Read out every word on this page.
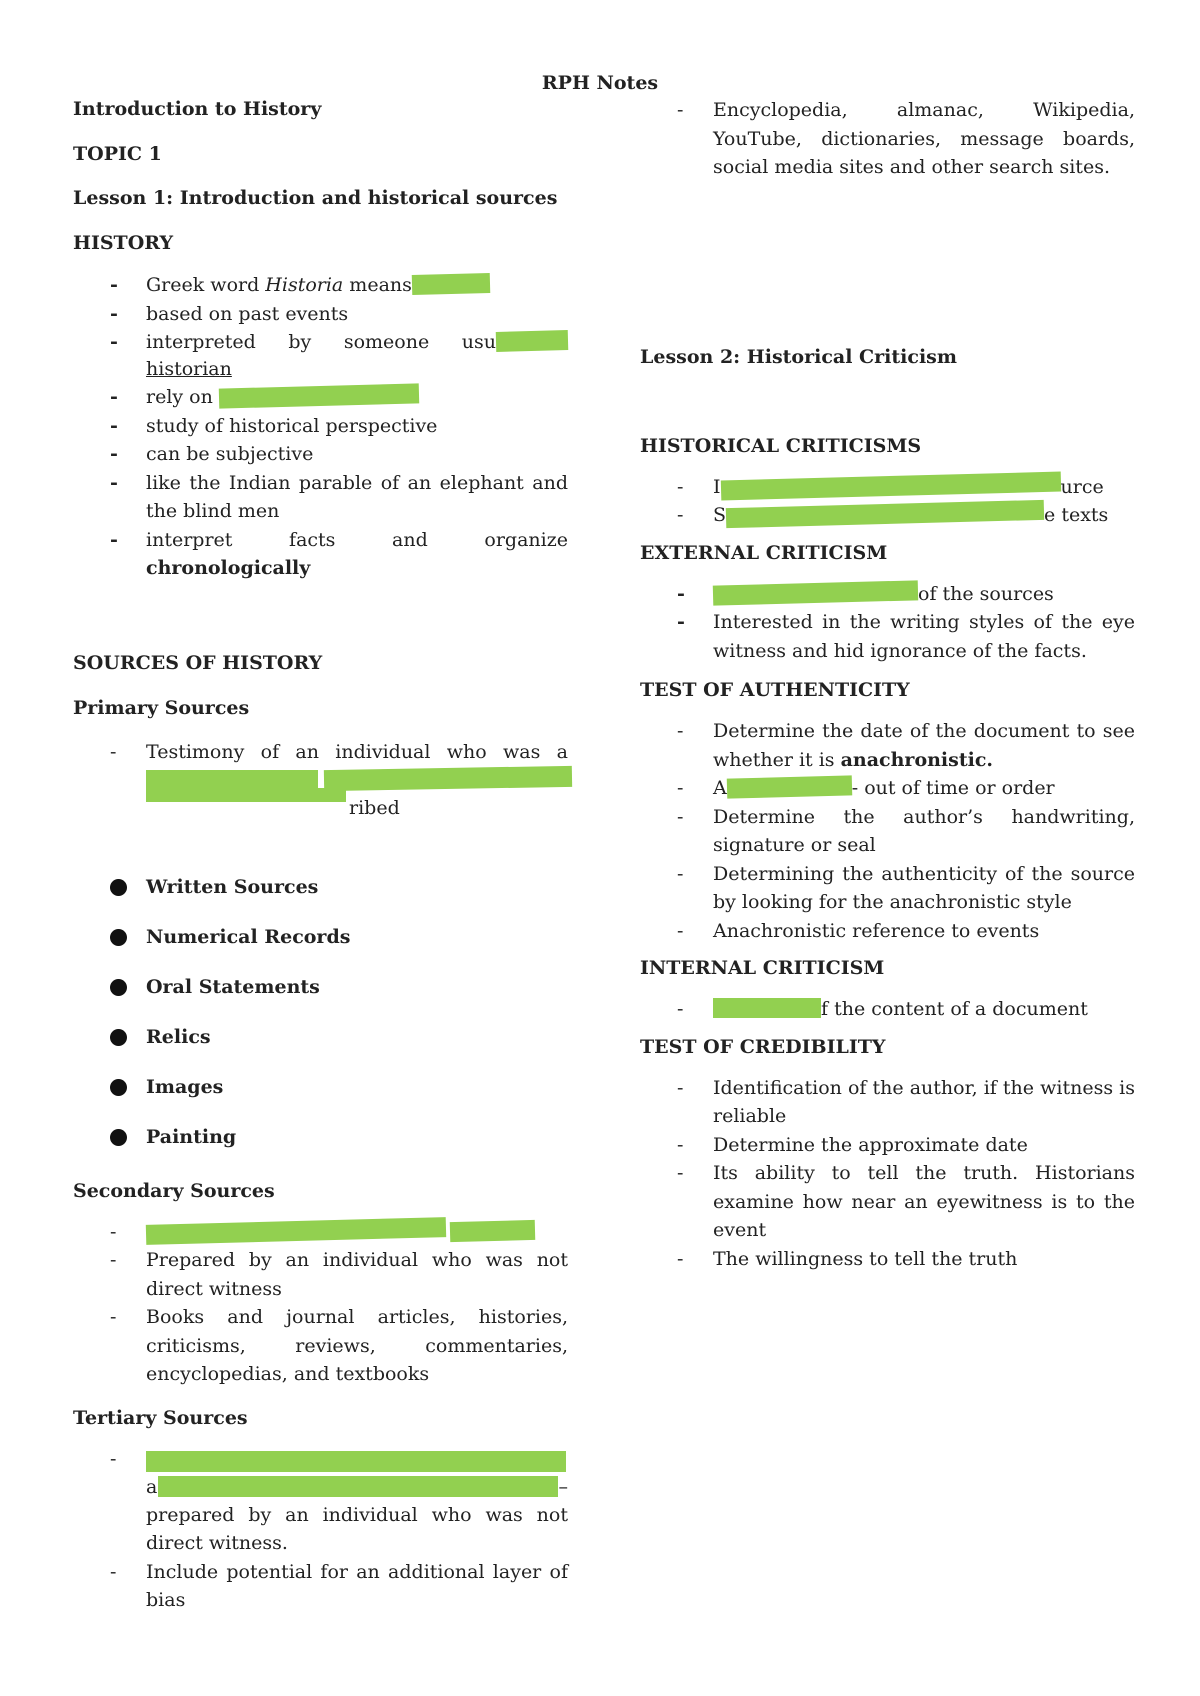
RPH Notes

Introduction to History

TOPIC 1

Lesson 1: Introduction and historical sources

HISTORY

- Greek word Historia means
- based on past events
- interpreted by someone usu
historian
- rely on
- study of historical perspective
- can be subjective
- like the Indian parable of an elephant and the blind men
- interpret facts and organize chronologically

SOURCES OF HISTORY

Primary Sources

- Testimony of an individual who was a
ribed
Written Sources
Numerical Records
Oral Statements
Relics
Images
Painting

Secondary Sources

-
- Prepared by an individual who was not direct witness
- Books and journal articles, histories, criticisms, reviews, commentaries, encyclopedias, and textbooks

Tertiary Sources

-
a	–
prepared by an individual who was not direct witness.
- Include potential for an additional layer of bias
- Encyclopedia, almanac, Wikipedia, YouTube, dictionaries, message boards, social media sites and other search sites.

Lesson 2: Historical Criticism

HISTORICAL CRITICISMS

- I	urce
- S	e texts

EXTERNAL CRITICISM

-	of the sources
- Interested in the writing styles of the eye witness and hid ignorance of the facts.

TEST OF AUTHENTICITY

- Determine the date of the document to see whether it is anachronistic.
- A	- out of time or order
- Determine the author’s handwriting, signature or seal
- Determining the authenticity of the source by looking for the anachronistic style
- Anachronistic reference to events

INTERNAL CRITICISM

-	f the content of a document

TEST OF CREDIBILITY

- Identification of the author, if the witness is reliable
- Determine the approximate date
- Its ability to tell the truth. Historians examine how near an eyewitness is to the event
- The willingness to tell the truth
